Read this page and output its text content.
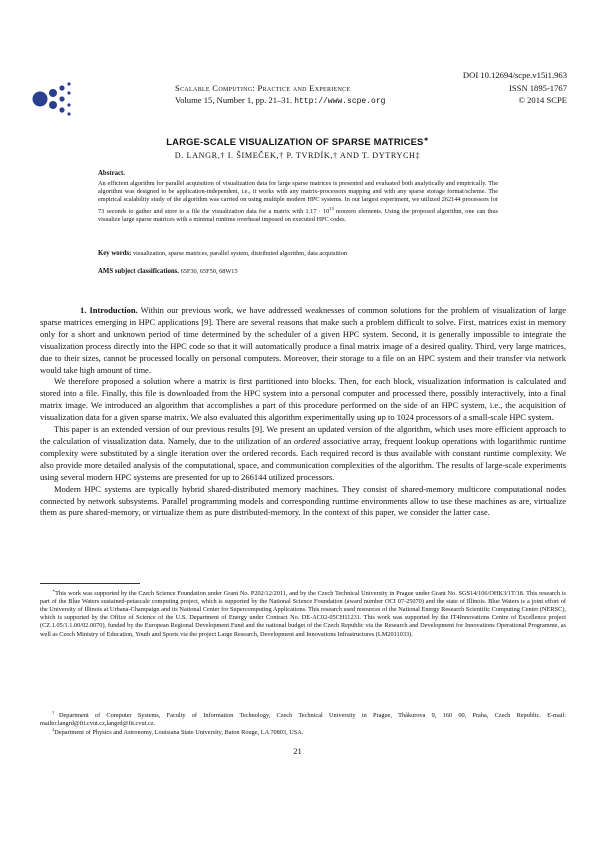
DOI 10.12694/scpe.v15i1.963
Scalable Computing: Practice and Experience	ISSN 1895-1767
Volume 15, Number 1, pp. 21–31. http://www.scpe.org	© 2014 SCPE
LARGE-SCALE VISUALIZATION OF SPARSE MATRICES∗
D. LANGR,† I. ŠIMEČEK,† P. TVRDÍK,† AND T. DYTRYCH‡
Abstract.
An efficient algorithm for parallel acquisition of visualization data for large sparse matrices is presented and evaluated both analytically and empirically. The algorithm was designed to be application-independent, i.e., it works with any matrix-processors mapping and with any sparse storage format/scheme. The empirical scalability study of the algorithm was carried on using multiple modern HPC systems. In our largest experiment, we utilized 262144 processors for 73 seconds to gather and store to a file the visualization data for a matrix with $1.17 \cdot 10^{13}$ nonzero elements. Using the proposed algorithm, one can thus visualize large sparse matrices with a minimal runtime overhead imposed on executed HPC codes.
Key words: visualization, sparse matrices, parallel system, distributed algorithm, data acquisition
AMS subject classifications. 65F30, 65F50, 68W15

1. Introduction. Within our previous work, we have addressed weaknesses of common solutions for the problem of visualization of large sparse matrices emerging in HPC applications [9]. There are several reasons that make such a problem difficult to solve. First, matrices exist in memory only for a short and unknown period of time determined by the scheduler of a given HPC system. Second, it is generally impossible to integrate the visualization process directly into the HPC code so that it will automatically produce a final matrix image of a desired quality. Third, very large matrices, due to their sizes, cannot be processed locally on personal computers. Moreover, their storage to a file on an HPC system and their transfer via network would take high amount of time.

We therefore proposed a solution where a matrix is first partitioned into blocks. Then, for each block, visualization information is calculated and stored into a file. Finally, this file is downloaded from the HPC system into a personal computer and processed there, possibly interactively, into a final matrix image. We introduced an algorithm that accomplishes a part of this procedure performed on the side of an HPC system, i.e., the acquisition of visualization data for a given sparse matrix. We also evaluated this algorithm experimentally using up to 1024 processors of a small-scale HPC system.

This paper is an extended version of our previous results [9]. We present an updated version of the algorithm, which uses more efficient approach to the calculation of visualization data. Namely, due to the utilization of an ordered associative array, frequent lookup operations with logarithmic runtime complexity were substituted by a single iteration over the ordered records. Each required record is thus available with constant runtime complexity. We also provide more detailed analysis of the computational, space, and communication complexities of the algorithm. The results of large-scale experiments using several modern HPC systems are presented for up to 266144 utilized processors.

Modern HPC systems are typically hybrid shared-distributed memory machines. They consist of shared-memory multicore computational nodes connected by network subsystems. Parallel programming models and corresponding runtime environments allow to use these machines as are, virtualize them as pure shared-memory, or virtualize them as pure distributed-memory. In the context of this paper, we consider the latter case.

∗This work was supported by the Czech Science Foundation under Grant No. P202/12/2011, and by the Czech Technical University in Prague under Grant No. SGS14/106/OHK3/1T/18. This research is part of the Blue Waters sustained-petascale computing project, which is supported by the National Science Foundation (award number OCI 07-25070) and the state of Illinois. Blue Waters is a joint effort of the University of Illinois at Urbana-Champaign and its National Center for Supercomputing Applications. This research used resources of the National Energy Research Scientific Computing Center (NERSC), which is supported by the Office of Science of the U.S. Department of Energy under Contract No. DE-AC02-05CH11231. This work was supported by the IT4Innovations Centre of Excellence project (CZ.1.05/1.1.00/02.0070), funded by the European Regional Development Fund and the national budget of the Czech Republic via the Research and Development for Innovations Operational Programme, as well as Czech Ministry of Education, Youth and Sports via the project Large Research, Development and Innovations Infrastructures (LM2011033).

†Department of Computer Systems, Faculty of Information Technology, Czech Technical University in Prague, Thákurova 9, 160 00, Praha, Czech Republic. E-mail: mailto:langrd@fit.cvut.cz,langrd@fit.cvut.cz.

‡Department of Physics and Astronomy, Louisiana State University, Baton Rouge, LA 70803, USA.

21
